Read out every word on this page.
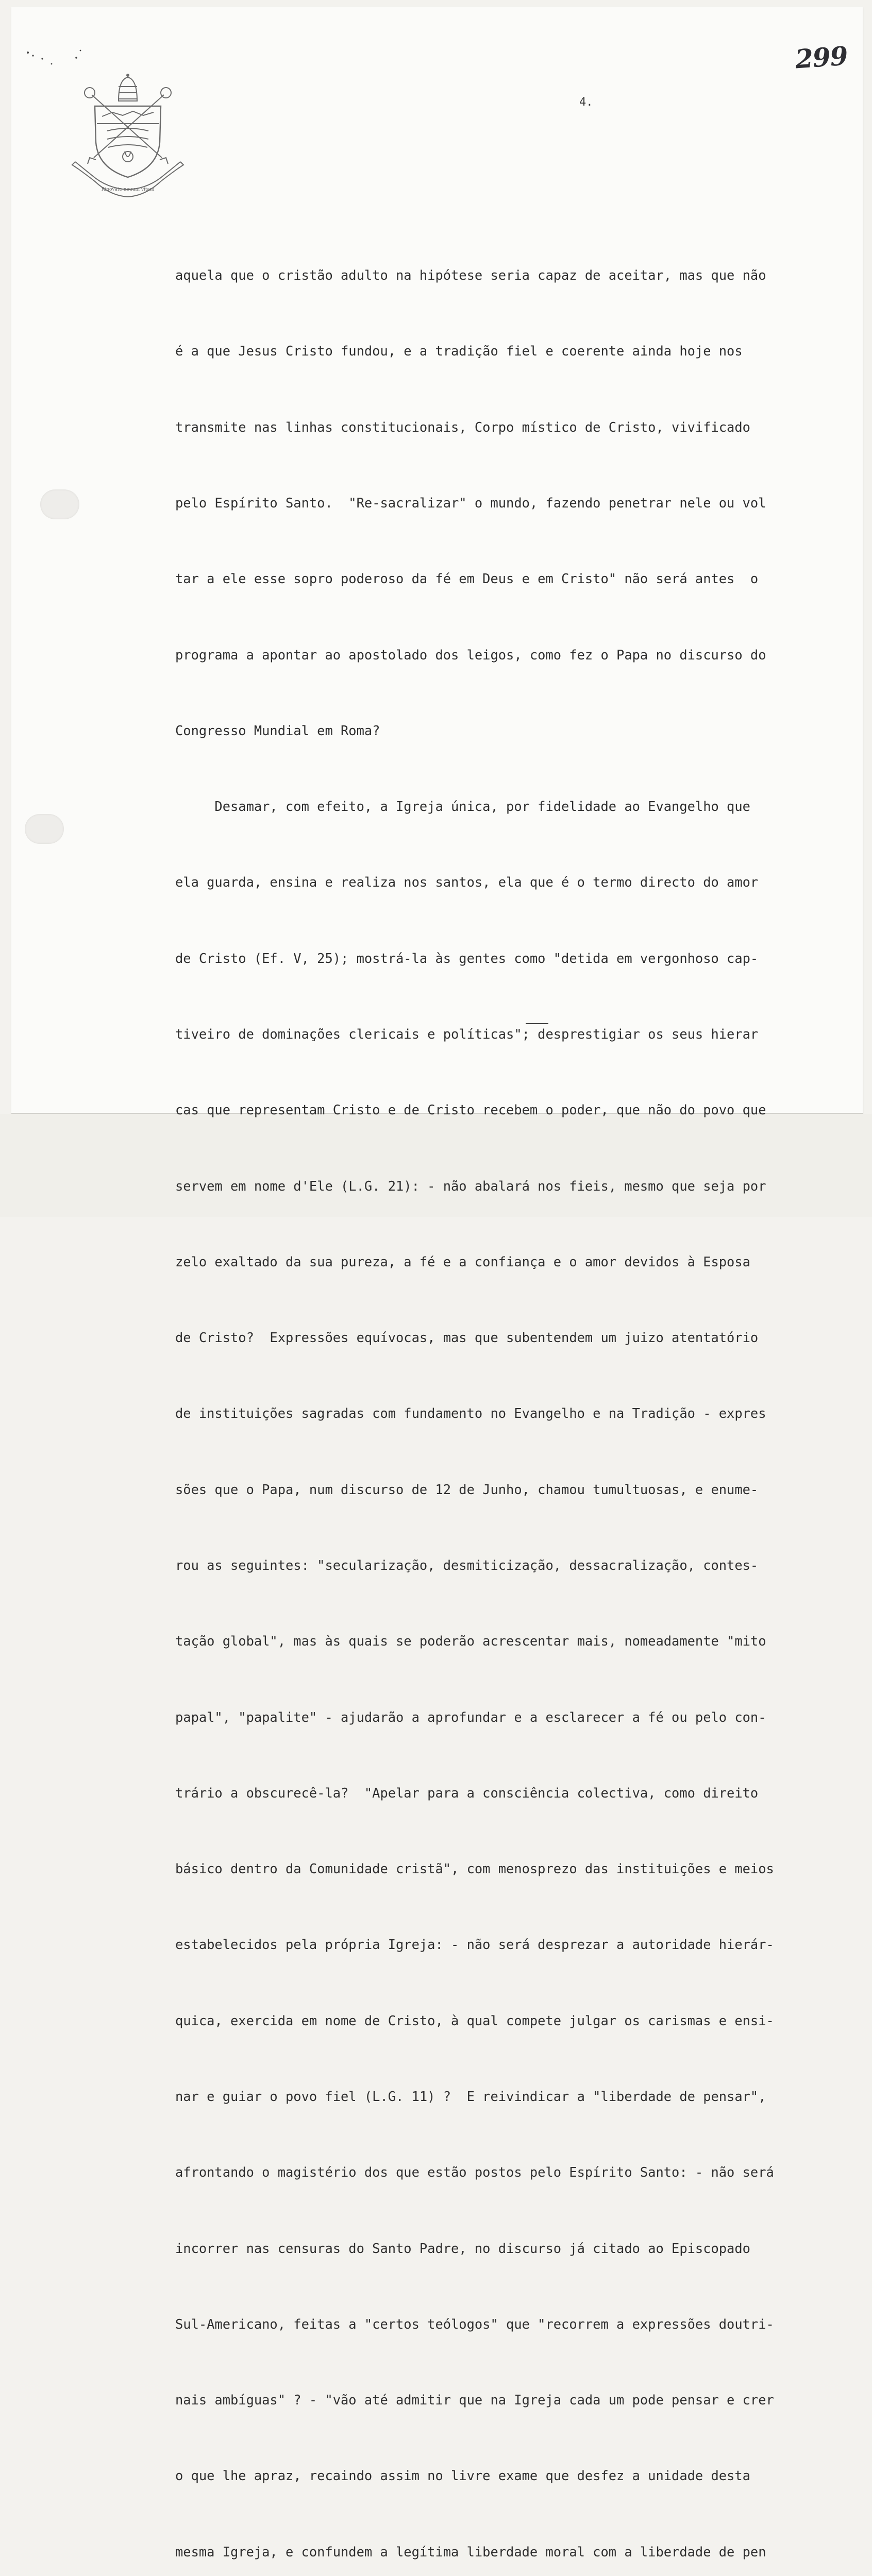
Rinovate nouum vitam
299
4.

aquela que o cristão adulto na hipótese seria capaz de aceitar, mas que não

é a que Jesus Cristo fundou, e a tradição fiel e coerente ainda hoje nos

transmite nas linhas constitucionais, Corpo místico de Cristo, vivificado

pelo Espírito Santo.  "Re-sacralizar" o mundo, fazendo penetrar nele ou vol

tar a ele esse sopro poderoso da fé em Deus e em Cristo" não será antes  o

programa a apontar ao apostolado dos leigos, como fez o Papa no discurso do

Congresso Mundial em Roma?

Desamar, com efeito, a Igreja única, por fidelidade ao Evangelho que

ela guarda, ensina e realiza nos santos, ela que é o termo directo do amor

de Cristo (Ef. V, 25); mostrá-la às gentes como "detida em vergonhoso cap-

tiveiro de dominações clericais e políticas"; desprestigiar os seus hierar

cas que representam Cristo e de Cristo recebem o poder, que não do povo que

servem em nome d'Ele (L.G. 21): - não abalará nos fieis, mesmo que seja por

zelo exaltado da sua pureza, a fé e a confiança e o amor devidos à Esposa

de Cristo?  Expressões equívocas, mas que subentendem um juizo atentatório

de instituições sagradas com fundamento no Evangelho e na Tradição - expres

sões que o Papa, num discurso de 12 de Junho, chamou tumultuosas, e enume-

rou as seguintes: "secularização, desmiticização, dessacralização, contes-

tação global", mas às quais se poderão acrescentar mais, nomeadamente "mito

papal", "papalite" - ajudarão a aprofundar e a esclarecer a fé ou pelo con-

trário a obscurecê-la?  "Apelar para a consciência colectiva, como direito

básico dentro da Comunidade cristã", com menosprezo das instituições e meios

estabelecidos pela própria Igreja: - não será desprezar a autoridade hierár-

quica, exercida em nome de Cristo, à qual compete julgar os carismas e ensi-

nar e guiar o povo fiel (L.G. 11) ?  E reivindicar a "liberdade de pensar",

afrontando o magistério dos que estão postos pelo Espírito Santo: - não será

incorrer nas censuras do Santo Padre, no discurso já citado ao Episcopado

Sul-Americano, feitas a "certos teólogos" que "recorrem a expressões doutri-

nais ambíguas" ? - "vão até admitir que na Igreja cada um pode pensar e crer

o que lhe apraz, recaindo assim no livre exame que desfez a unidade desta

mesma Igreja, e confundem a legítima liberdade moral com a liberdade de pen
